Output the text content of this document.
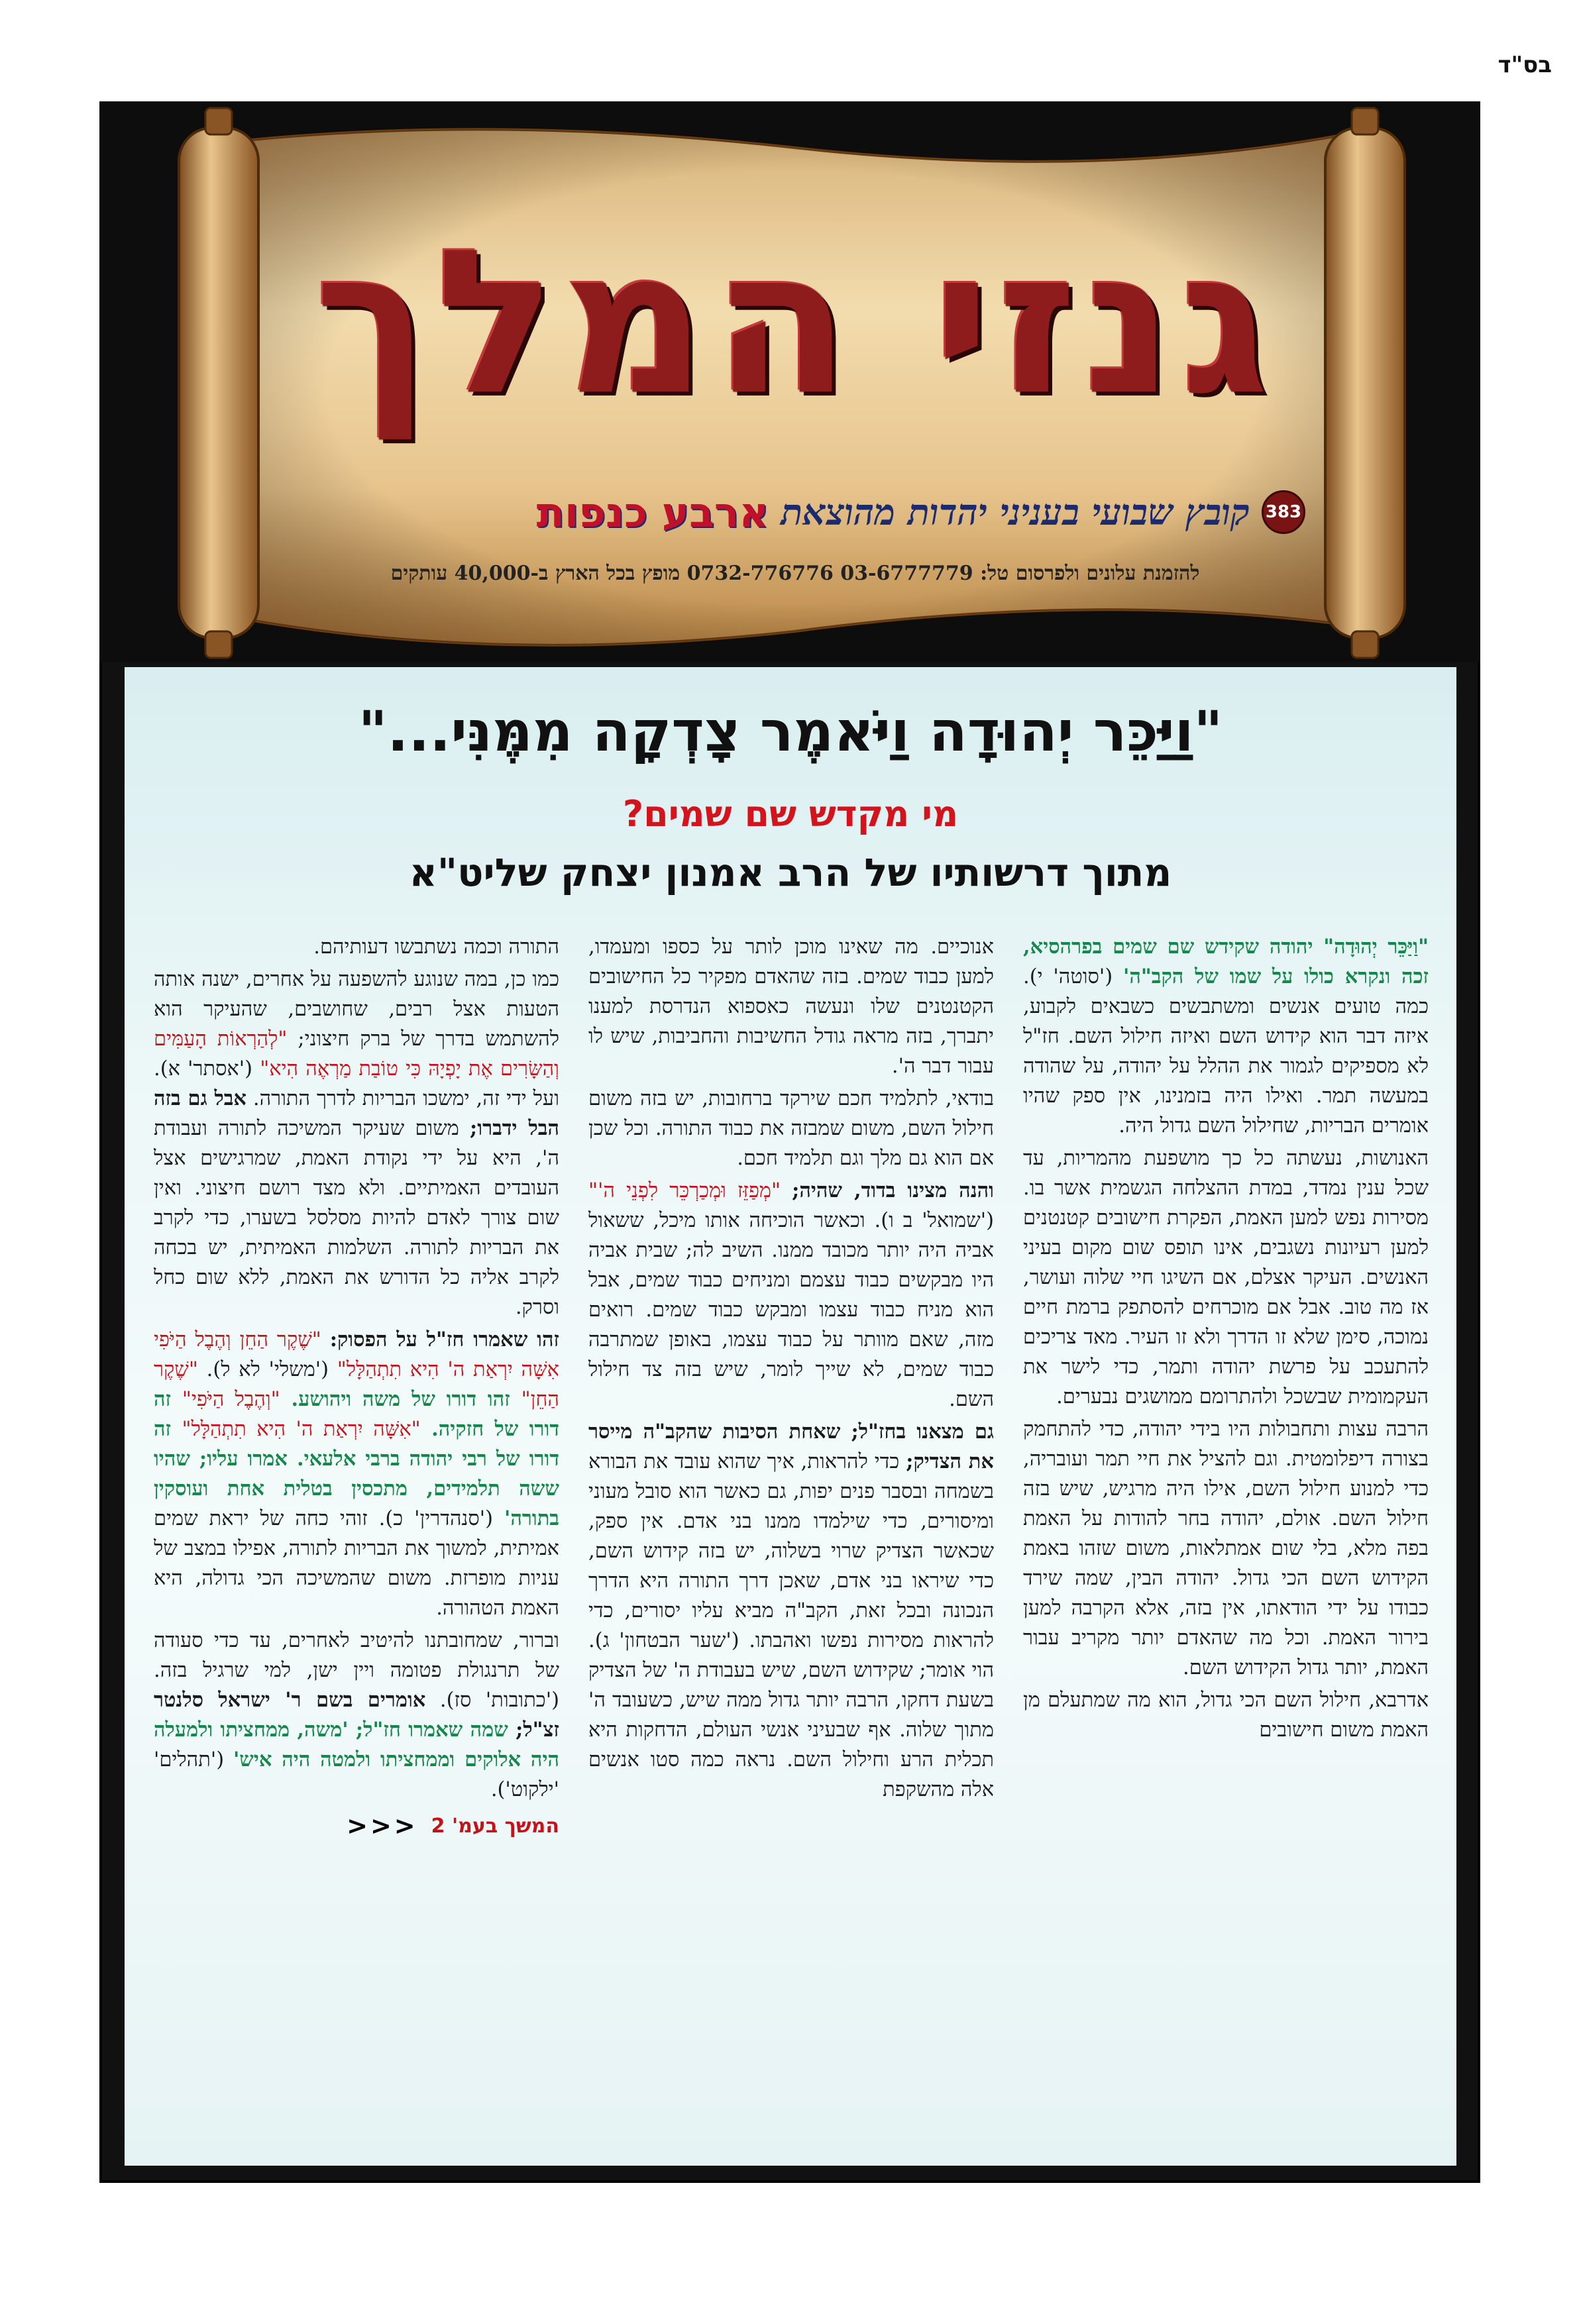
בס"ד
גנזי המלך
383
קובץ שבועי בעניני יהדות מהוצאת
ארבע כנפות
להזמנת עלונים ולפרסום טל: 03-6777779 0732-776776 מופץ בכל הארץ ב-40,000 עותקים
"וַיַּכֵּר יְהוּדָה וַיֹּאמֶר צָדְקָה מִמֶּנִּי..."
מי מקדש שם שמים?
מתוך דרשותיו של הרב אמנון יצחק שליט"א

"וַיַּכֵּר יְהוּדָה" יהודה שקידש שם שמים בפרהסיא, זכה ונקרא כולו על שמו של הקב"ה' ('סוטה' י). כמה טועים אנשים ומשתבשים כשבאים לקבוע, איזה דבר הוא קידוש השם ואיזה חילול השם. חז"ל לא מספיקים לגמור את ההלל על יהודה, על שהודה במעשה תמר. ואילו היה בזמנינו, אין ספק שהיו אומרים הבריות, שחילול השם גדול היה.

האנושות, נעשתה כל כך מושפעת מהמריות, עד שכל ענין נמדד, במדת ההצלחה הגשמית אשר בו. מסירות נפש למען האמת, הפקרת חישובים קטנטנים למען רעיונות נשגבים, אינו תופס שום מקום בעיני האנשים. העיקר אצלם, אם השיגו חיי שלוה ועושר, אז מה טוב. אבל אם מוכרחים להסתפק ברמת חיים נמוכה, סימן שלא זו הדרך ולא זו העיר. מאד צריכים להתעכב על פרשת יהודה ותמר, כדי לישר את העקמומית שבשכל ולהתרומם ממושגים נבערים.

הרבה עצות ותחבולות היו בידי יהודה, כדי להתחמק בצורה דיפלומטית. וגם להציל את חיי תמר ועובריה, כדי למנוע חילול השם, אילו היה מרגיש, שיש בזה חילול השם. אולם, יהודה בחר להודות על האמת בפה מלא, בלי שום אמתלאות, משום שזהו באמת הקידוש השם הכי גדול. יהודה הבין, שמה שירד כבודו על ידי הודאתו, אין בזה, אלא הקרבה למען בירור האמת. וכל מה שהאדם יותר מקריב עבור האמת, יותר גדול הקידוש השם.

אדרבא, חילול השם הכי גדול, הוא מה שמתעלם מן האמת משום חישובים

אנוכיים. מה שאינו מוכן לותר על כספו ומעמדו, למען כבוד שמים. בזה שהאדם מפקיר כל החישובים הקטנטנים שלו ונעשה כאספוא הנדרסת למענו יתברך, בזה מראה גודל החשיבות והחביבות, שיש לו עבור דבר ה'.

בודאי, לתלמיד חכם שירקד ברחובות, יש בזה משום חילול השם, משום שמבזה את כבוד התורה. וכל שכן אם הוא גם מלך וגם תלמיד חכם.

והנה מצינו בדוד, שהיה; "מְפַזֵּז וּמְכַרְכֵּר לִפְנֵי ה'" ('שמואל' ב ו). וכאשר הוכיחה אותו מיכל, ששאול אביה היה יותר מכובד ממנו. השיב לה; שבית אביה היו מבקשים כבוד עצמם ומניחים כבוד שמים, אבל הוא מניח כבוד עצמו ומבקש כבוד שמים. רואים מזה, שאם מוותר על כבוד עצמו, באופן שמתרבה כבוד שמים, לא שייך לומר, שיש בזה צד חילול השם.

גם מצאנו בחז"ל; שאחת הסיבות שהקב"ה מייסר את הצדיק; כדי להראות, איך שהוא עובד את הבורא בשמחה ובסבר פנים יפות, גם כאשר הוא סובל מעוני ומיסורים, כדי שילמדו ממנו בני אדם. אין ספק, שכאשר הצדיק שרוי בשלוה, יש בזה קידוש השם, כדי שיראו בני אדם, שאכן דרך התורה היא הדרך הנכונה ובכל זאת, הקב"ה מביא עליו יסורים, כדי להראות מסירות נפשו ואהבתו. ('שער הבטחון' ג). הוי אומר; שקידוש השם, שיש בעבודת ה' של הצדיק בשעת דחקו, הרבה יותר גדול ממה שיש, כשעובד ה' מתוך שלוה. אף שבעיני אנשי העולם, הדחקות היא תכלית הרע וחילול השם. נראה כמה סטו אנשים אלה מהשקפת

התורה וכמה נשתבשו דעותיהם.

כמו כן, במה שנוגע להשפעה על אחרים, ישנה אותה הטעות אצל רבים, שחושבים, שהעיקר הוא להשתמש בדרך של ברק חיצוני; "לְהַרְאוֹת הָעַמִּים וְהַשָּׂרִים אֶת יָפְיָהּ כִּי טוֹבַת מַרְאֶה הִיא" ('אסתר' א). ועל ידי זה, ימשכו הבריות לדרך התורה. אבל גם בזה הבל ידברו; משום שעיקר המשיכה לתורה ועבודת ה', היא על ידי נקודת האמת, שמרגישים אצל העובדים האמיתיים. ולא מצד רושם חיצוני. ואין שום צורך לאדם להיות מסלסל בשערו, כדי לקרב את הבריות לתורה. השלמות האמיתית, יש בכחה לקרב אליה כל הדורש את האמת, ללא שום כחל וסרק.

זהו שאמרו חז"ל על הפסוק: "שֶׁקֶר הַחֵן וְהֶבֶל הַיֹּפִי אִשָּׁה יִרְאַת ה' הִיא תִתְהַלָּל" ('משלי' לא ל). "שֶׁקֶר הַחֵן" זהו דורו של משה ויהושע. "וְהֶבֶל הַיֹּפִי" זה דורו של חזקיה. "אִשָּׁה יִרְאַת ה' הִיא תִתְהַלָּל" זה דורו של רבי יהודה ברבי אלעאי. אמרו עליו; שהיו ששה תלמידים, מתכסין בטלית אחת ועוסקין בתורה' ('סנהדרין' כ). זוהי כחה של יראת שמים אמיתית, למשוך את הבריות לתורה, אפילו במצב של עניות מופרזת. משום שהמשיכה הכי גדולה, היא האמת הטהורה.

וברור, שמחובתנו להיטיב לאחרים, עד כדי סעודה של תרנגולת פטומה ויין ישן, למי שרגיל בזה. ('כתובות' סז). אומרים בשם ר' ישראל סלנטר זצ"ל; שמה שאמרו חז"ל; 'משה, ממחציתו ולמעלה היה אלוקים וממחציתו ולמטה היה איש' ('תהלים' 'ילקוט').

המשך בעמ' 2
<<<
